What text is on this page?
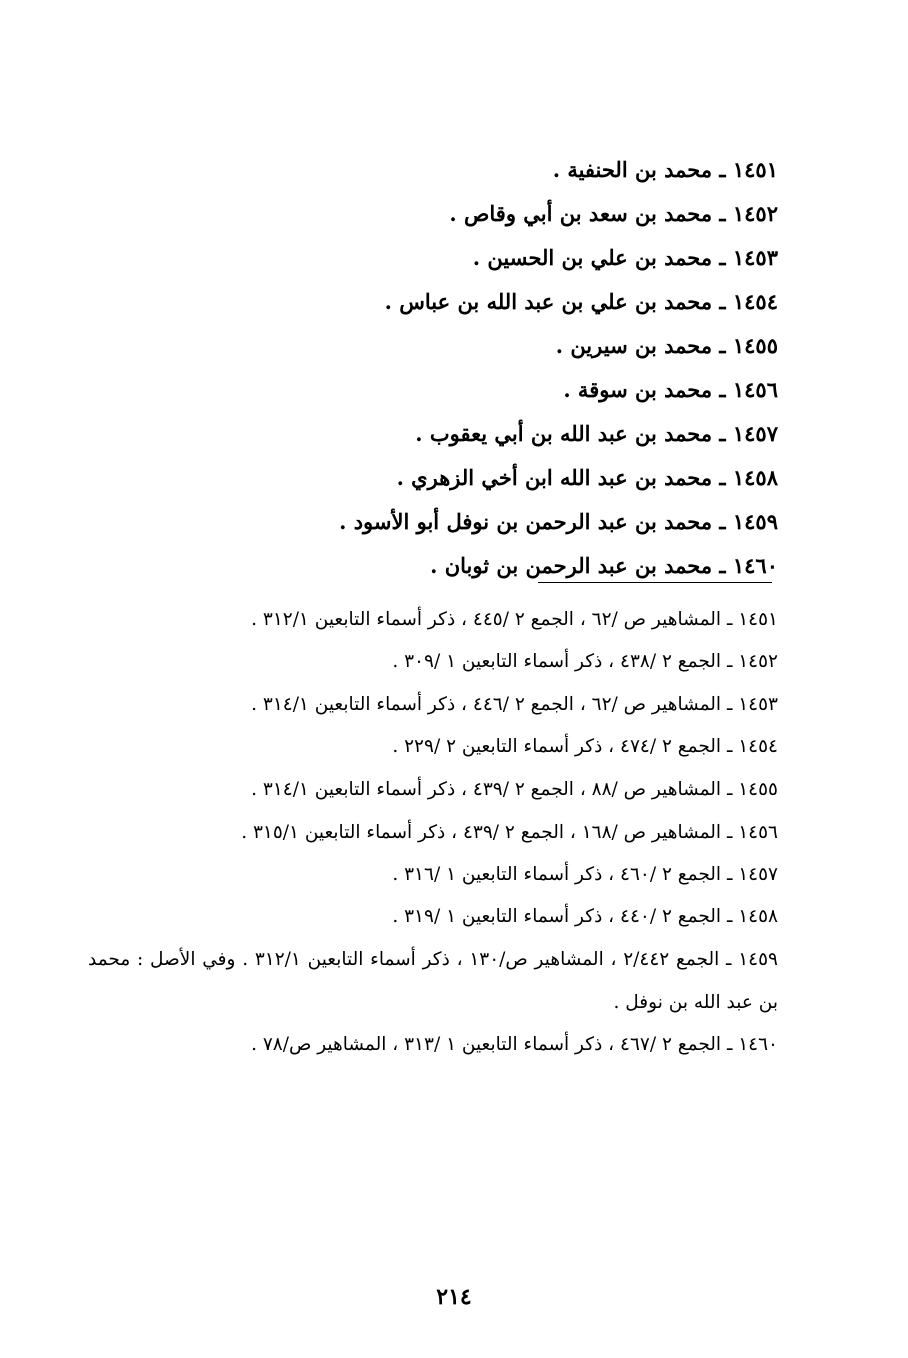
١٤٥١ ـ محمد بن الحنفية .
١٤٥٢ ـ محمد بن سعد بن أبي وقاص .
١٤٥٣ ـ محمد بن علي بن الحسين .
١٤٥٤ ـ محمد بن علي بن عبد الله بن عباس .
١٤٥٥ ـ محمد بن سيرين .
١٤٥٦ ـ محمد بن سوقة .
١٤٥٧ ـ محمد بن عبد الله بن أبي يعقوب .
١٤٥٨ ـ محمد بن عبد الله ابن أخي الزهري .
١٤٥٩ ـ محمد بن عبد الرحمن بن نوفل أبو الأسود .
١٤٦٠ ـ محمد بن عبد الرحمن بن ثوبان .
١٤٥١ ـ المشاهير ص /٦٢ ، الجمع ٢ /٤٤٥ ، ذكر أسماء التابعين ٣١٢/١ .
١٤٥٢ ـ الجمع ٢ /٤٣٨ ، ذكر أسماء التابعين ١ /٣٠٩ .
١٤٥٣ ـ المشاهير ص /٦٢ ، الجمع ٢ /٤٤٦ ، ذكر أسماء التابعين ٣١٤/١ .
١٤٥٤ ـ الجمع ٢ /٤٧٤ ، ذكر أسماء التابعين ٢ /٢٢٩ .
١٤٥٥ ـ المشاهير ص /٨٨ ، الجمع ٢ /٤٣٩ ، ذكر أسماء التابعين ٣١٤/١ .
١٤٥٦ ـ المشاهير ص /١٦٨ ، الجمع ٢ /٤٣٩ ، ذكر أسماء التابعين ٣١٥/١ .
١٤٥٧ ـ الجمع ٢ /٤٦٠ ، ذكر أسماء التابعين ١ /٣١٦ .
١٤٥٨ ـ الجمع ٢ /٤٤٠ ، ذكر أسماء التابعين ١ /٣١٩ .
١٤٥٩ ـ الجمع ٢/٤٤٢ ، المشاهير ص/١٣٠ ، ذكر أسماء التابعين ٣١٢/١ . وفي الأصل : محمد بن عبد الله بن نوفل .
١٤٦٠ ـ الجمع ٢ /٤٦٧ ، ذكر أسماء التابعين ١ /٣١٣ ، المشاهير ص/٧٨ .
٢١٤
